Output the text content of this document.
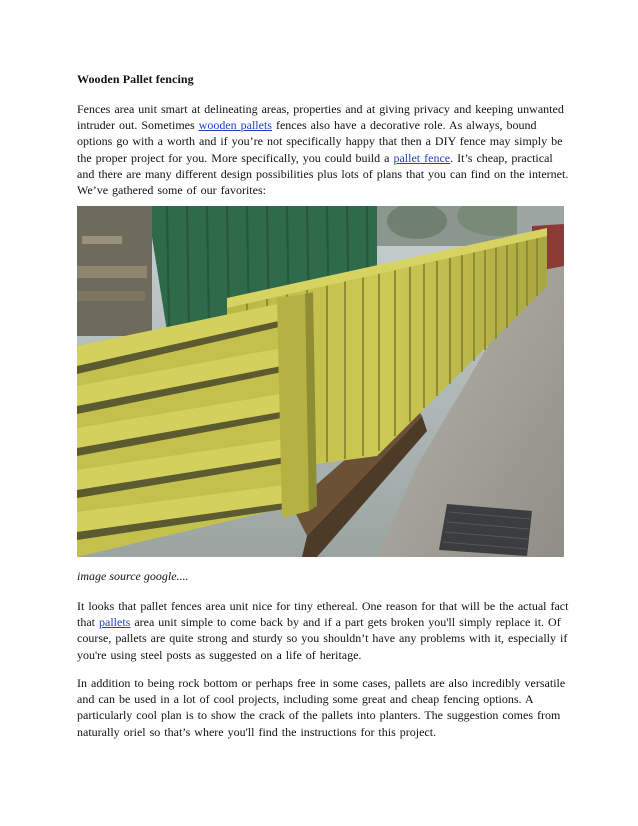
Wooden Pallet fencing
Fences area unit smart at delineating areas, properties and at giving privacy and keeping unwanted intruder out. Sometimes wooden pallets fences also have a decorative role. As always, bound options go with a worth and if you’re not specifically happy that then a DIY fence may simply be the proper project for you. More specifically, you could build a pallet fence. It’s cheap, practical and there are many different design possibilities plus lots of plans that you can find on the internet. We’ve gathered some of our favorites:
image source google....
It looks that pallet fences area unit nice for tiny ethereal. One reason for that will be the actual fact that pallets area unit simple to come back by and if a part gets broken you'll simply replace it. Of course, pallets are quite strong and sturdy so you shouldn’t have any problems with it, especially if you're using steel posts as suggested on a life of heritage.
In addition to being rock bottom or perhaps free in some cases, pallets are also incredibly versatile and can be used in a lot of cool projects, including some great and cheap fencing options. A particularly cool plan is to show the crack of the pallets into planters. The suggestion comes from naturally oriel so that’s where you'll find the instructions for this project.
